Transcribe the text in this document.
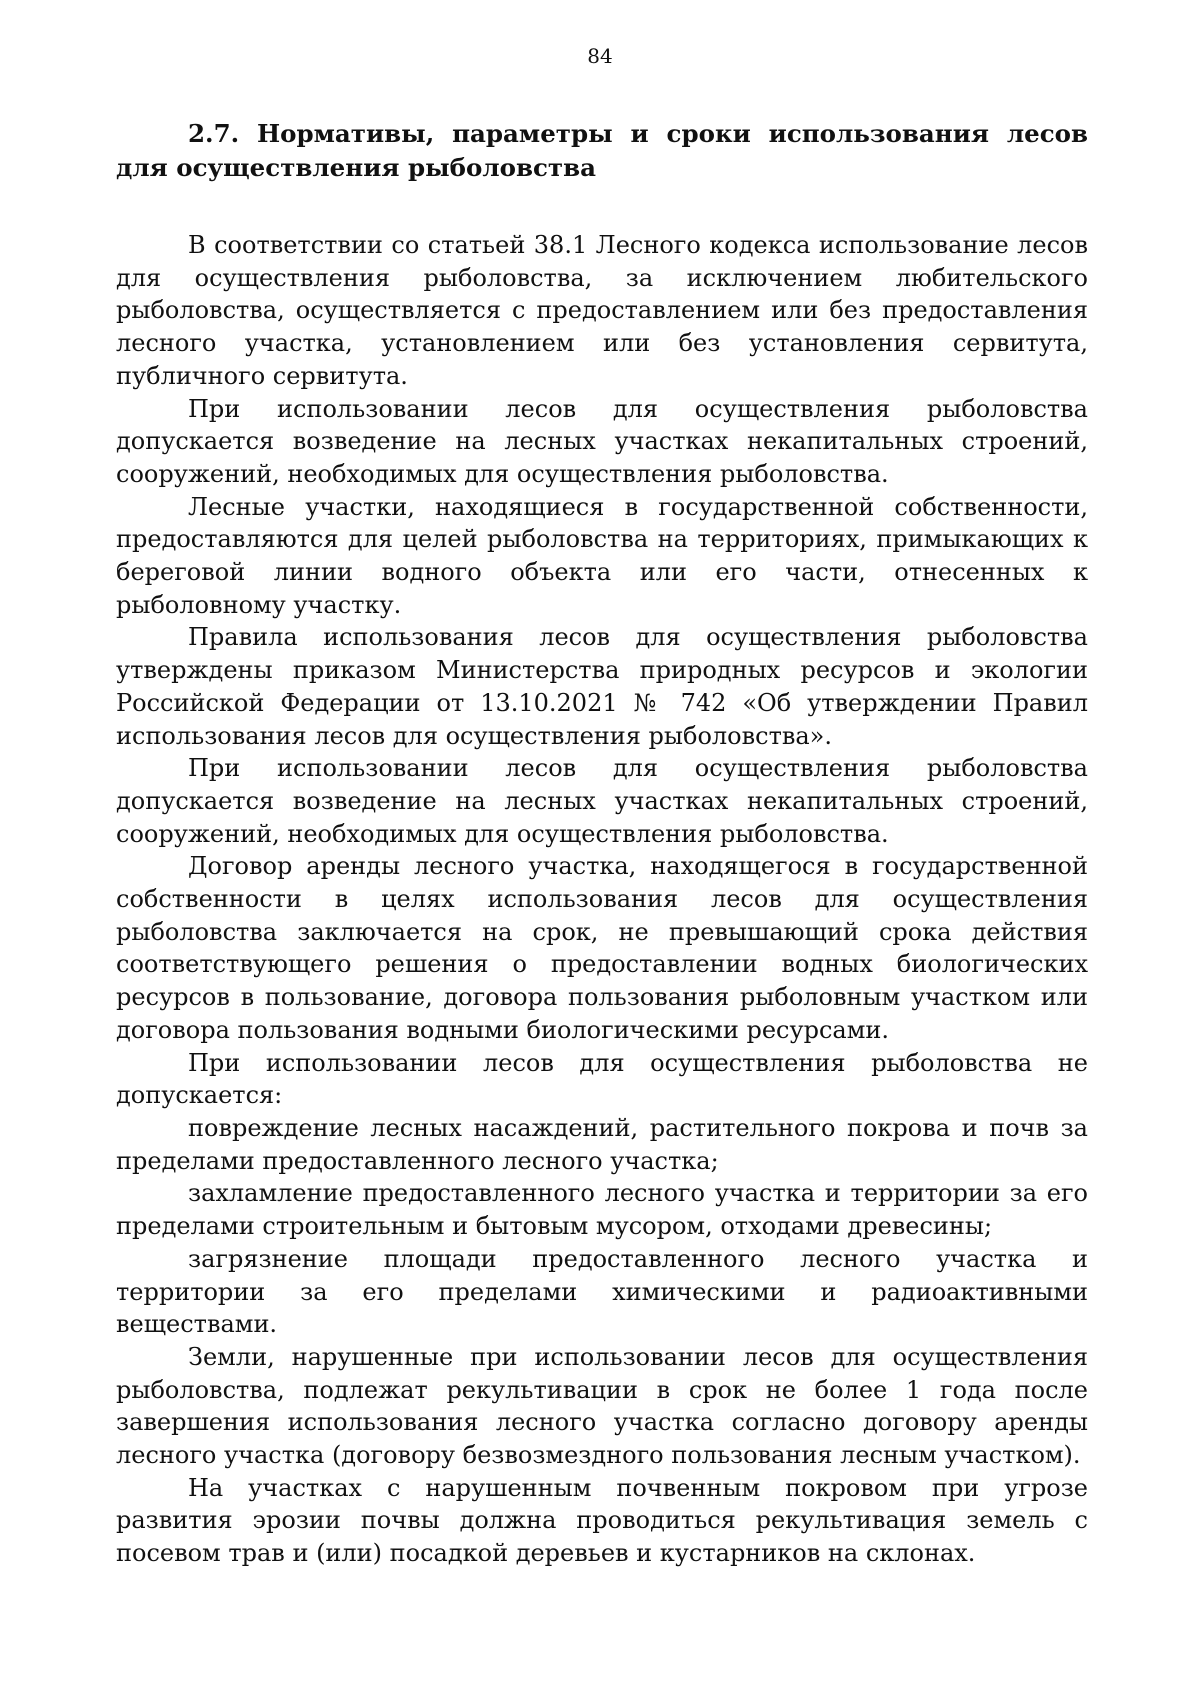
84
2.7. Нормативы, параметры и сроки использования лесов для осуществления рыболовства

В соответствии со статьей 38.1 Лесного кодекса использование лесов для осуществления рыболовства, за исключением любительского рыболовства, осуществляется с предоставлением или без предоставления лесного участка, установлением или без установления сервитута, публичного сервитута.

При использовании лесов для осуществления рыболовства допускается возведение на лесных участках некапитальных строений, сооружений, необходимых для осуществления рыболовства.

Лесные участки, находящиеся в государственной собственности, предоставляются для целей рыболовства на территориях, примыкающих к береговой линии водного объекта или его части, отнесенных к рыболовному участку.

Правила использования лесов для осуществления рыболовства утверждены приказом Министерства природных ресурсов и экологии Российской Федерации от 13.10.2021 № 742 «Об утверждении Правил использования лесов для осуществления рыболовства».

При использовании лесов для осуществления рыболовства допускается возведение на лесных участках некапитальных строений, сооружений, необходимых для осуществления рыболовства.

Договор аренды лесного участка, находящегося в государственной собственности в целях использования лесов для осуществления рыболовства заключается на срок, не превышающий срока действия соответствующего решения о предоставлении водных биологических ресурсов в пользование, договора пользования рыболовным участком или договора пользования водными биологическими ресурсами.

При использовании лесов для осуществления рыболовства не допускается:

повреждение лесных насаждений, растительного покрова и почв за пределами предоставленного лесного участка;

захламление предоставленного лесного участка и территории за его пределами строительным и бытовым мусором, отходами древесины;

загрязнение площади предоставленного лесного участка и территории за его пределами химическими и радиоактивными веществами.

Земли, нарушенные при использовании лесов для осуществления рыболовства, подлежат рекультивации в срок не более 1 года после завершения использования лесного участка согласно договору аренды лесного участка (договору безвозмездного пользования лесным участком).

На участках с нарушенным почвенным покровом при угрозе развития эрозии почвы должна проводиться рекультивация земель с посевом трав и (или) посадкой деревьев и кустарников на склонах.
